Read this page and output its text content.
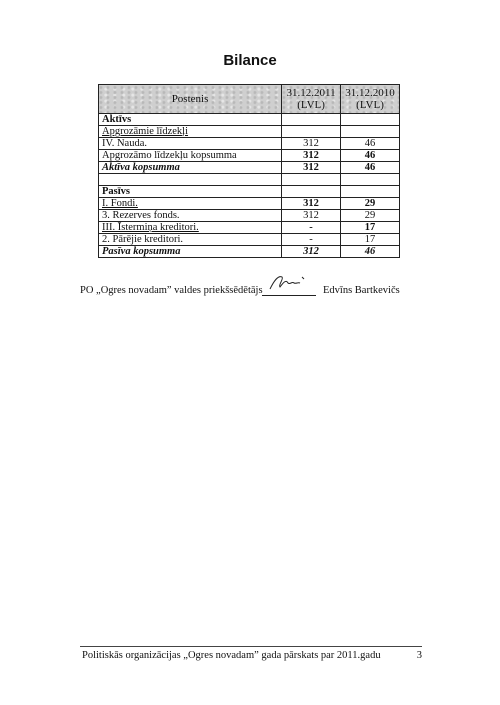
Bilance
Postenis	31.12.2011 (LVL)	31.12.2010 (LVL)
Aktīvs		
Apgrozāmie līdzekļi		
IV. Nauda.	312	46
Apgrozāmo līdzekļu kopsumma	312	46
Aktīva kopsumma	312	46

Pasīvs		
I. Fondi.	312	29
3. Rezerves fonds.	312	29
III. Īstermiņa kreditori.	-	17
2. Pārējie kreditori.	-	17
Pasīva kopsumma	312	46
PO „Ogres novadam” valdes priekšsēdētājs	Edvīns Bartkevičs
Politiskās organizācijas „Ogres novadam” gada pārskats par 2011.gadu	3
